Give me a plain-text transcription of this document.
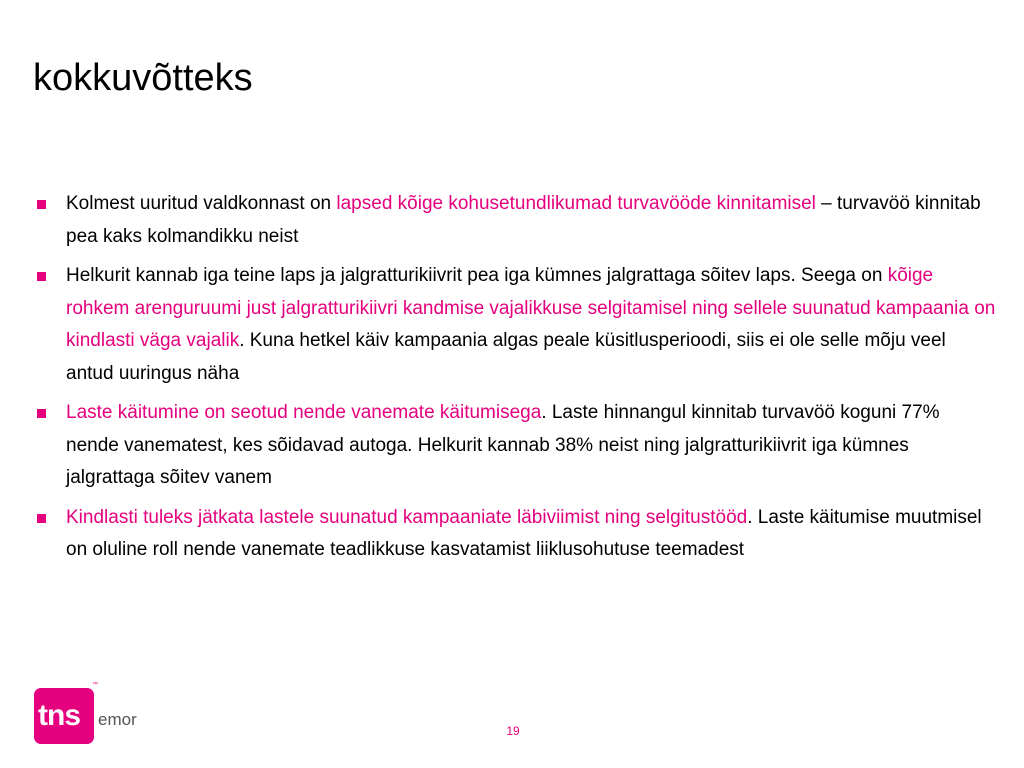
kokkuvõtteks
Kolmest uuritud valdkonnast on lapsed kõige kohusetundlikumad turvavööde kinnitamisel – turvavöö kinnitab pea kaks kolmandikku neist
Helkurit kannab iga teine laps ja jalgratturikiivrit pea iga kümnes jalgrattaga sõitev laps. Seega on kõige rohkem arenguruumi just jalgratturikiivri kandmise vajalikkuse selgitamisel ning sellele suunatud kampaania on kindlasti väga vajalik. Kuna hetkel käiv kampaania algas peale küsitlusperioodi, siis ei ole selle mõju veel antud uuringus näha
Laste käitumine on seotud nende vanemate käitumisega. Laste hinnangul kinnitab turvavöö koguni 77% nende vanematest, kes sõidavad autoga. Helkurit kannab 38% neist ning jalgratturikiivrit iga kümnes jalgrattaga sõitev vanem
Kindlasti tuleks jätkata lastele suunatud kampaaniate läbiviimist ning selgitustööd. Laste käitumise muutmisel on oluline roll nende vanemate teadlikkuse kasvatamist liiklusohutuse teemadest
tns
™
emor
19
